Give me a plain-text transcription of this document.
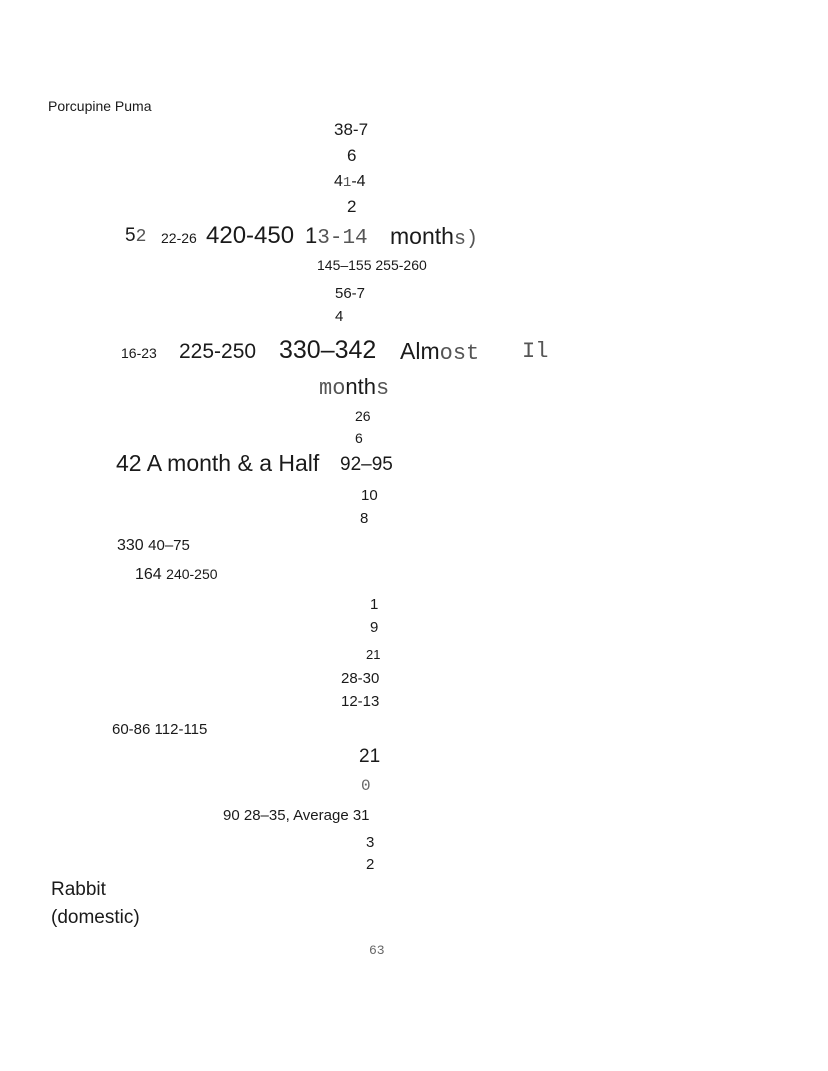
Porcupine Puma
38-7
6
41-4
2
52 22-26 420-450 13-14 months)
145–155 255-260
56-7
4
16-23 225-250 330–342 Almost Il
months
26
6
42 A month & a Half 92–95
10
8
330 40–75
164 240-250
1
9
21
28-30
12-13
60-86 112-115
21
0
90 28–35, Average 31
3
2
Rabbit
(domestic)
63
